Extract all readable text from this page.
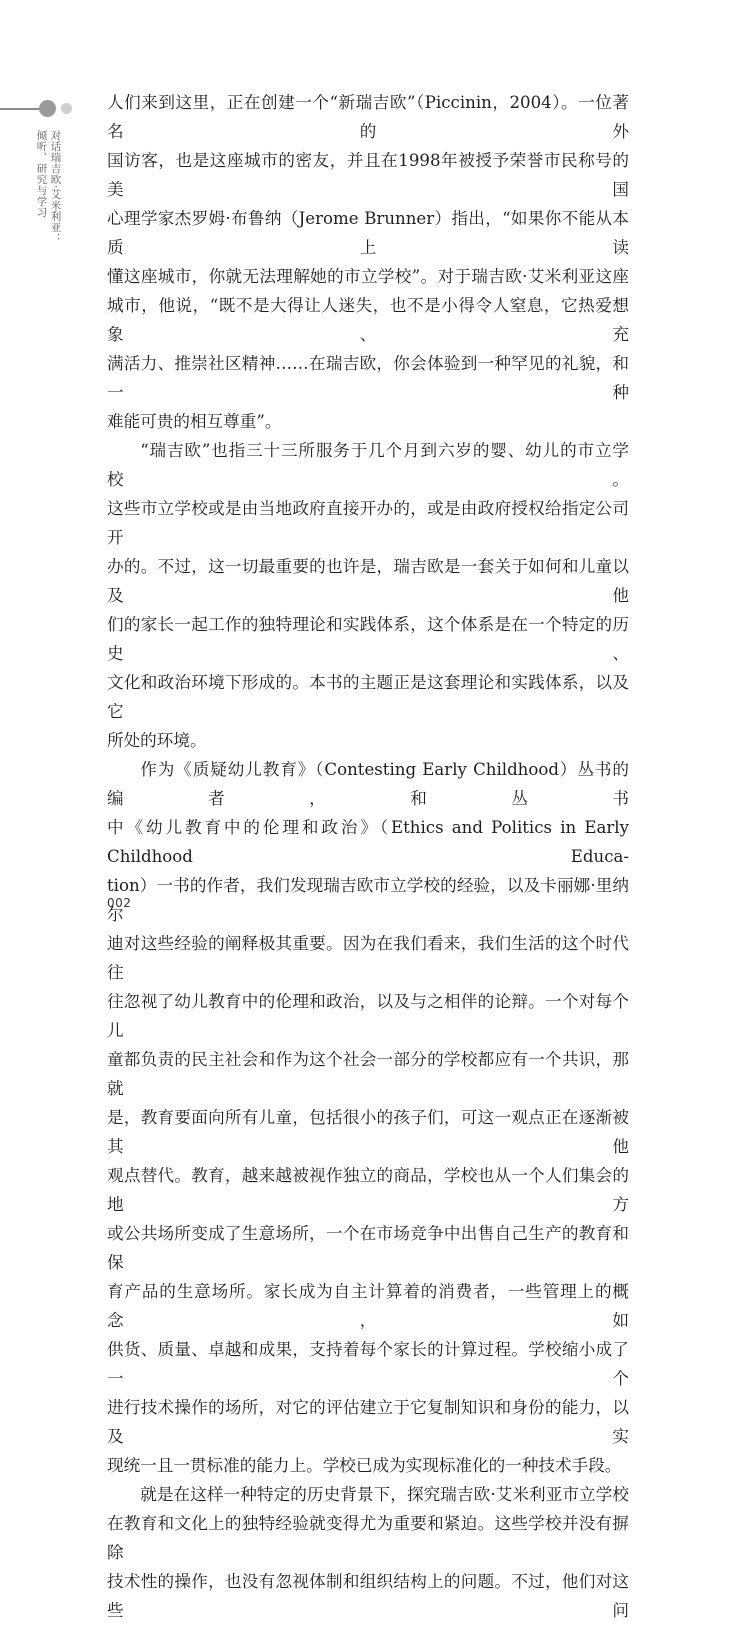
对话瑞吉欧·艾米利亚：
倾听、研究与学习

人们来到这里，正在创建一个“新瑞吉欧”（Piccinin，2004）。一位著名的外

国访客，也是这座城市的密友，并且在1998年被授予荣誉市民称号的美国

心理学家杰罗姆·布鲁纳（Jerome Brunner）指出，“如果你不能从本质上读

懂这座城市，你就无法理解她的市立学校”。对于瑞吉欧·艾米利亚这座

城市，他说，“既不是大得让人迷失，也不是小得令人窒息，它热爱想象、充

满活力、推崇社区精神……在瑞吉欧，你会体验到一种罕见的礼貌，和一种

难能可贵的相互尊重”。

“瑞吉欧”也指三十三所服务于几个月到六岁的婴、幼儿的市立学校。

这些市立学校或是由当地政府直接开办的，或是由政府授权给指定公司开

办的。不过，这一切最重要的也许是，瑞吉欧是一套关于如何和儿童以及他

们的家长一起工作的独特理论和实践体系，这个体系是在一个特定的历史、

文化和政治环境下形成的。本书的主题正是这套理论和实践体系，以及它

所处的环境。

作为《质疑幼儿教育》（Contesting Early Childhood）丛书的编者，和丛书

中《幼儿教育中的伦理和政治》（Ethics and Politics in Early Childhood Educa-

tion）一书的作者，我们发现瑞吉欧市立学校的经验，以及卡丽娜·里纳尔

迪对这些经验的阐释极其重要。因为在我们看来，我们生活的这个时代往

往忽视了幼儿教育中的伦理和政治，以及与之相伴的论辩。一个对每个儿

童都负责的民主社会和作为这个社会一部分的学校都应有一个共识，那就

是，教育要面向所有儿童，包括很小的孩子们，可这一观点正在逐渐被其他

观点替代。教育，越来越被视作独立的商品，学校也从一个人们集会的地方

或公共场所变成了生意场所，一个在市场竞争中出售自己生产的教育和保

育产品的生意场所。家长成为自主计算着的消费者，一些管理上的概念，如

供货、质量、卓越和成果，支持着每个家长的计算过程。学校缩小成了一个

进行技术操作的场所，对它的评估建立于它复制知识和身份的能力，以及实

现统一且一贯标准的能力上。学校已成为实现标准化的一种技术手段。

就是在这样一种特定的历史背景下，探究瑞吉欧·艾米利亚市立学校

在教育和文化上的独特经验就变得尤为重要和紧迫。这些学校并没有摒除

技术性的操作，也没有忽视体制和组织结构上的问题。不过，他们对这些问

002
